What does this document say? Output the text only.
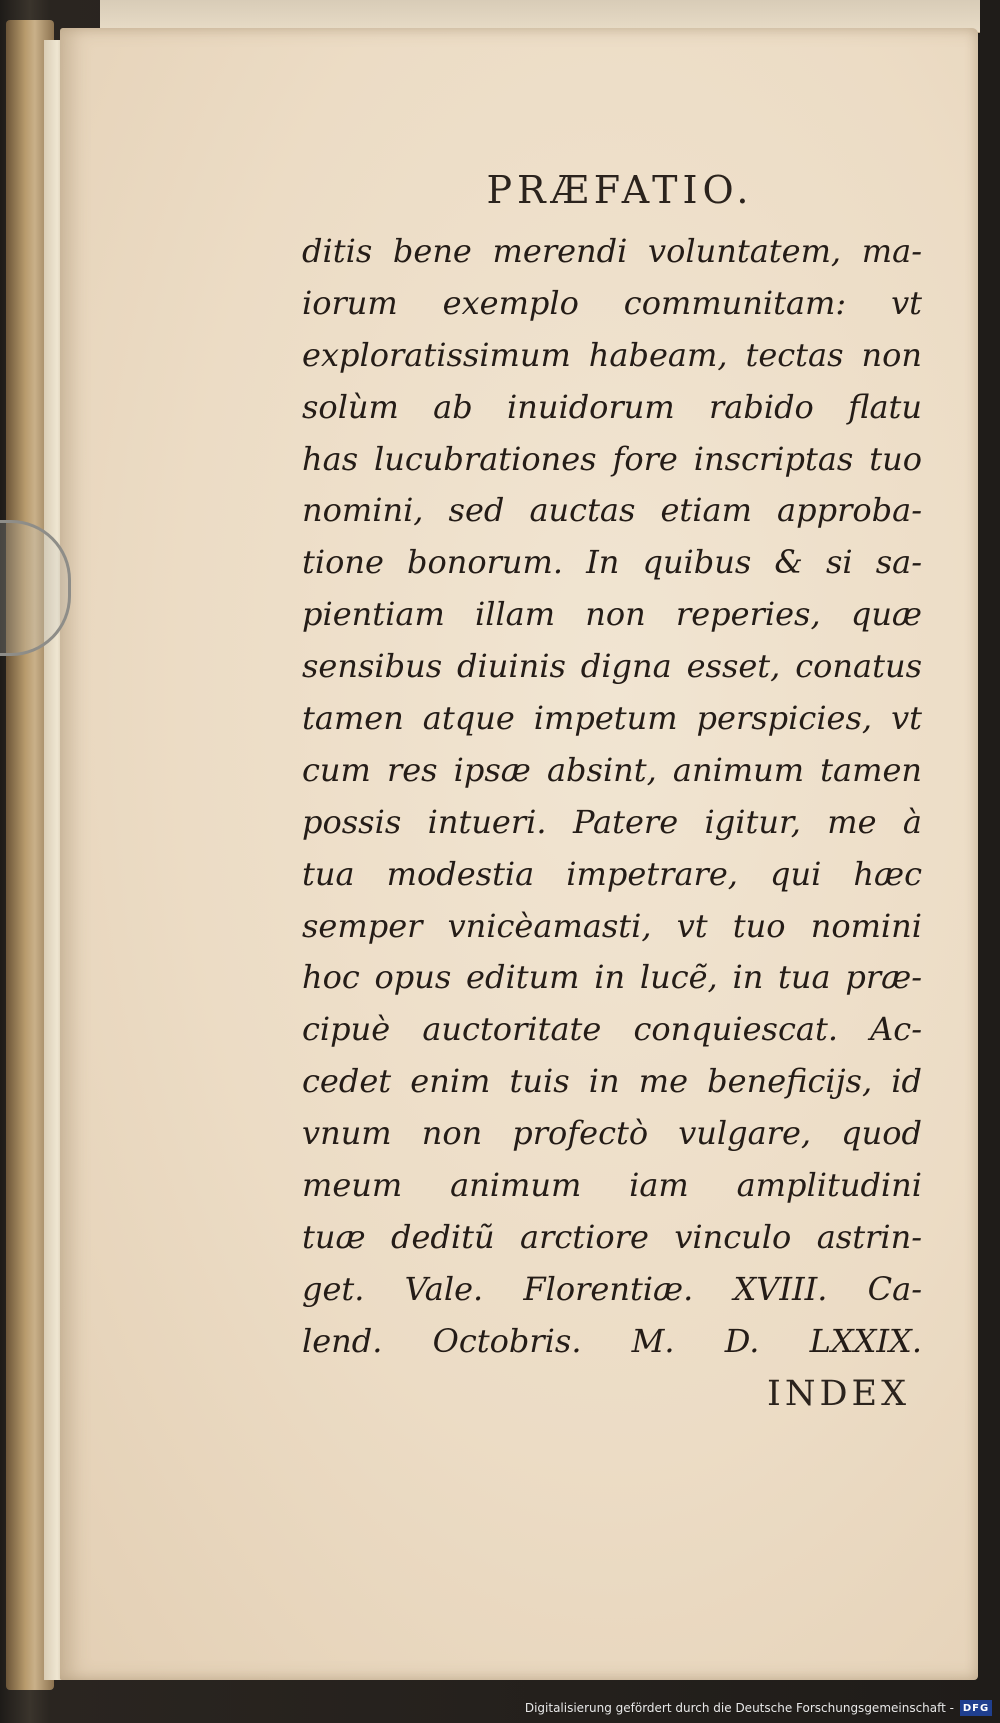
PRÆFATIO.
ditis bene merendi voluntatem, ma-
iorum exemplo communitam: vt
exploratissimum habeam, tectas non
solùm ab inuidorum rabido flatu
has lucubrationes fore inscriptas tuo
nomini, sed auctas etiam approba-
tione bonorum. In quibus & si sa-
pientiam illam non reperies, quæ
sensibus diuinis digna esset, conatus
tamen atque impetum perspicies, vt
cum res ipsæ absint, animum tamen
possis intueri. Patere igitur, me à
tua modestia impetrare, qui hæc
semper vnicèamasti, vt tuo nomini
hoc opus editum in lucẽ, in tua præ-
cipuè auctoritate conquiescat. Ac-
cedet enim tuis in me beneficijs, id
vnum non profectò vulgare, quod
meum animum iam amplitudini
tuæ deditũ arctiore vinculo astrin-
get. Vale. Florentiæ. XVIII. Ca-
lend. Octobris. M. D. LXXIX.
INDEX
Digitalisierung gefördert durch die Deutsche Forschungsgemeinschaft - DFG
